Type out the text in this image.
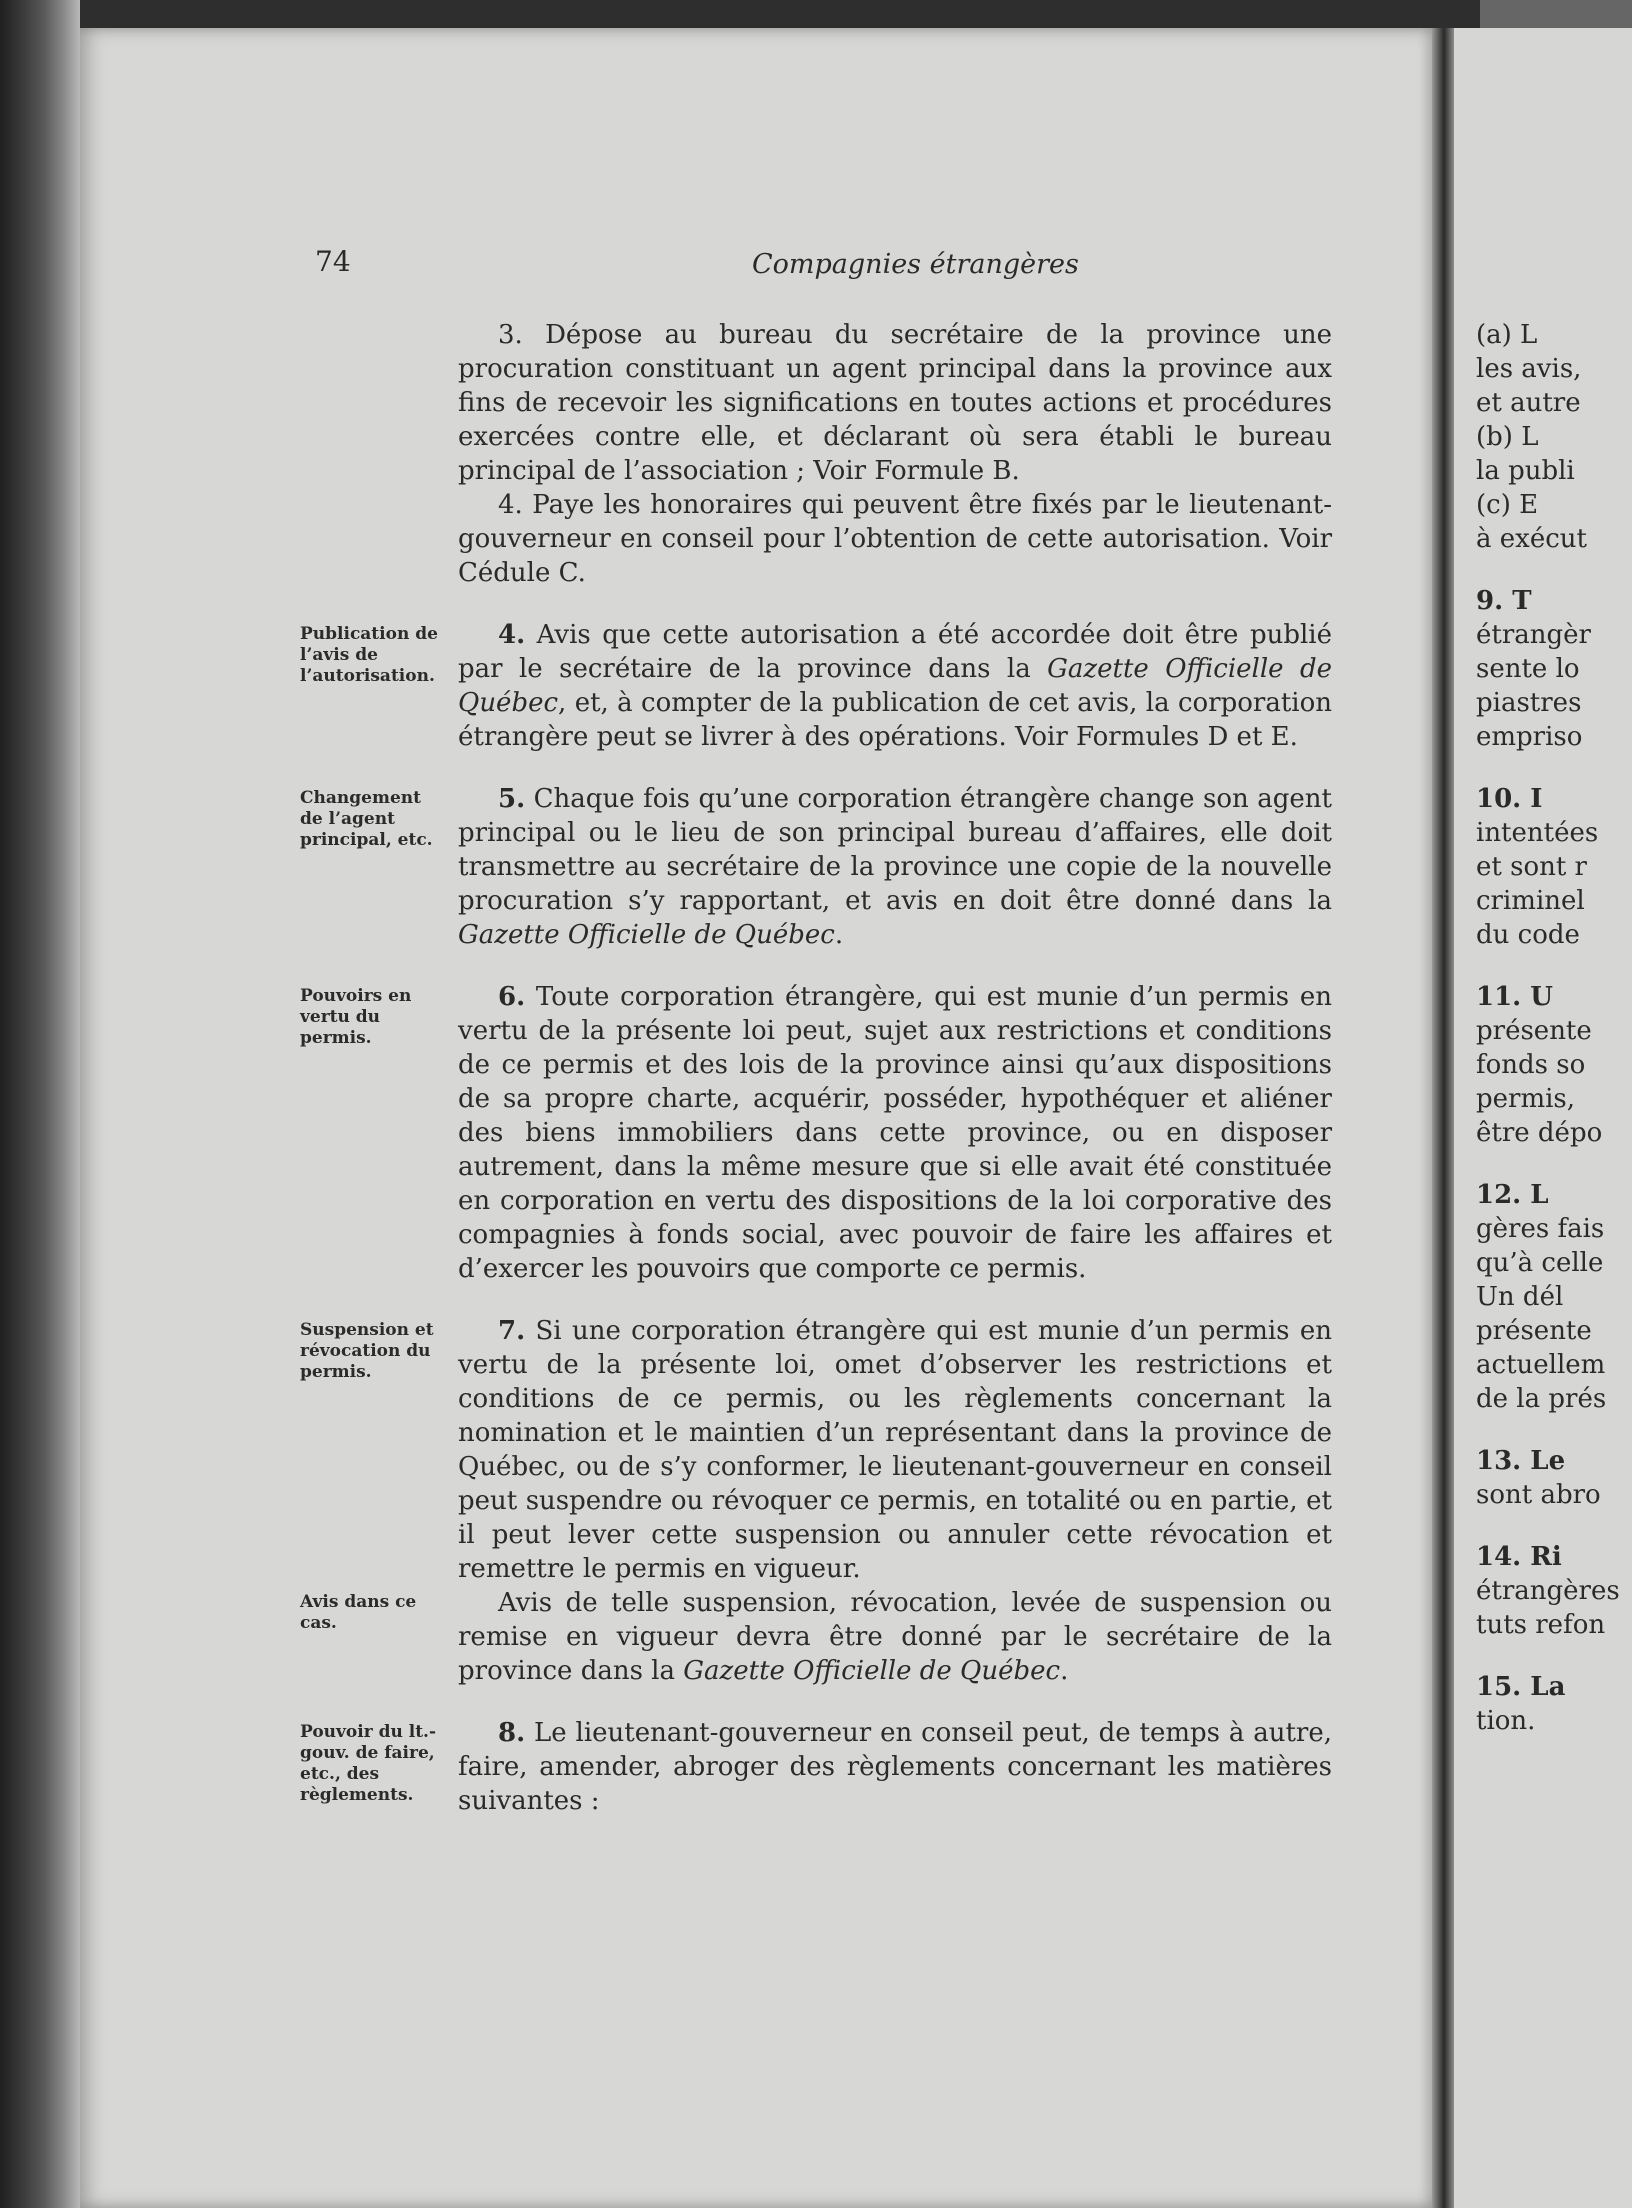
74	Compagnies étrangères

3. Dépose au bureau du secrétaire de la province une procuration constituant un agent principal dans la province aux fins de recevoir les significations en toutes actions et procédures exercées contre elle, et déclarant où sera établi le bureau principal de l’association ; Voir Formule B.

4. Paye les honoraires qui peuvent être fixés par le lieutenant-gouverneur en conseil pour l’obtention de cette autorisation. Voir Cédule C.

Publication de l’avis de l’autorisation.

4. Avis que cette autorisation a été accordée doit être publié par le secrétaire de la province dans la Gazette Officielle de Québec, et, à compter de la publication de cet avis, la corporation étrangère peut se livrer à des opérations. Voir Formules D et E.

Changement de l’agent principal, etc.

5. Chaque fois qu’une corporation étrangère change son agent principal ou le lieu de son principal bureau d’affaires, elle doit transmettre au secrétaire de la province une copie de la nouvelle procuration s’y rapportant, et avis en doit être donné dans la Gazette Officielle de Québec.

Pouvoirs en vertu du permis.

6. Toute corporation étrangère, qui est munie d’un permis en vertu de la présente loi peut, sujet aux restrictions et conditions de ce permis et des lois de la province ainsi qu’aux dispositions de sa propre charte, acquérir, posséder, hypothéquer et aliéner des biens immobiliers dans cette province, ou en disposer autrement, dans la même mesure que si elle avait été constituée en corporation en vertu des dispositions de la loi corporative des compagnies à fonds social, avec pouvoir de faire les affaires et d’exercer les pouvoirs que comporte ce permis.

Suspension et révocation du permis.

7. Si une corporation étrangère qui est munie d’un permis en vertu de la présente loi, omet d’observer les restrictions et conditions de ce permis, ou les règlements concernant la nomination et le maintien d’un représentant dans la province de Québec, ou de s’y conformer, le lieutenant-gouverneur en conseil peut suspendre ou révoquer ce permis, en totalité ou en partie, et il peut lever cette suspension ou annuler cette révocation et remettre le permis en vigueur.

Avis dans ce cas.

Avis de telle suspension, révocation, levée de suspension ou remise en vigueur devra être donné par le secrétaire de la province dans la Gazette Officielle de Québec.

Pouvoir du lt.-gouv. de faire, etc., des règlements.

8. Le lieutenant-gouverneur en conseil peut, de temps à autre, faire, amender, abroger des règlements concernant les matières suivantes :

(a) L
les avis,
et autre
(b) L
la publi
(c) E
à exécut
9. T
étrangèr
sente lo
piastres
empriso
10. I
intentées
et sont r
criminel
du code
11. U
présente
fonds so
permis,
être dépo
12. L
gères fais
qu’à celle
Un dél
présente
actuellem
de la prés
13. Le
sont abro
14. Ri
étrangères
tuts refon
15. La
tion.
